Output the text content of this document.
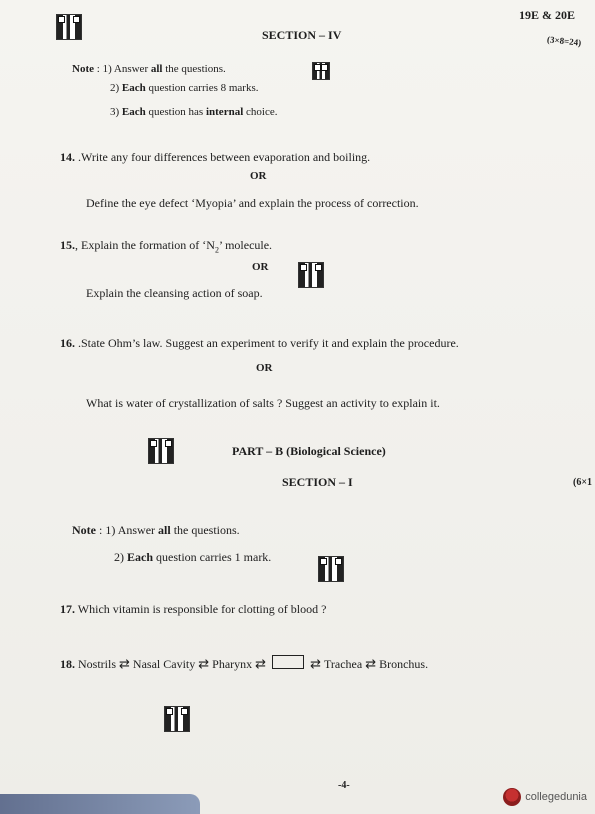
19E & 20E
(3×8=24)
SECTION – IV
Note : 1) Answer all the questions.
2) Each question carries 8 marks.
3) Each question has internal choice.
14. .Write any four differences between evaporation and boiling.
OR
Define the eye defect ‘Myopia’ and explain the process of correction.
15., Explain the formation of ‘$N_2$’ molecule.
OR
Explain the cleansing action of soap.
16. .State Ohm’s law. Suggest an experiment to verify it and explain the procedure.
OR
What is water of crystallization of salts ? Suggest an activity to explain it.
PART – B (Biological Science)
SECTION – I	(6×1
Note : 1) Answer all the questions.
2) Each question carries 1 mark.
17. Which vitamin is responsible for clotting of blood ?
18. Nostrils ⇄ Nasal Cavity ⇄ Pharynx ⇄	⇄ Trachea ⇄ Bronchus.
-4-
collegedunia
